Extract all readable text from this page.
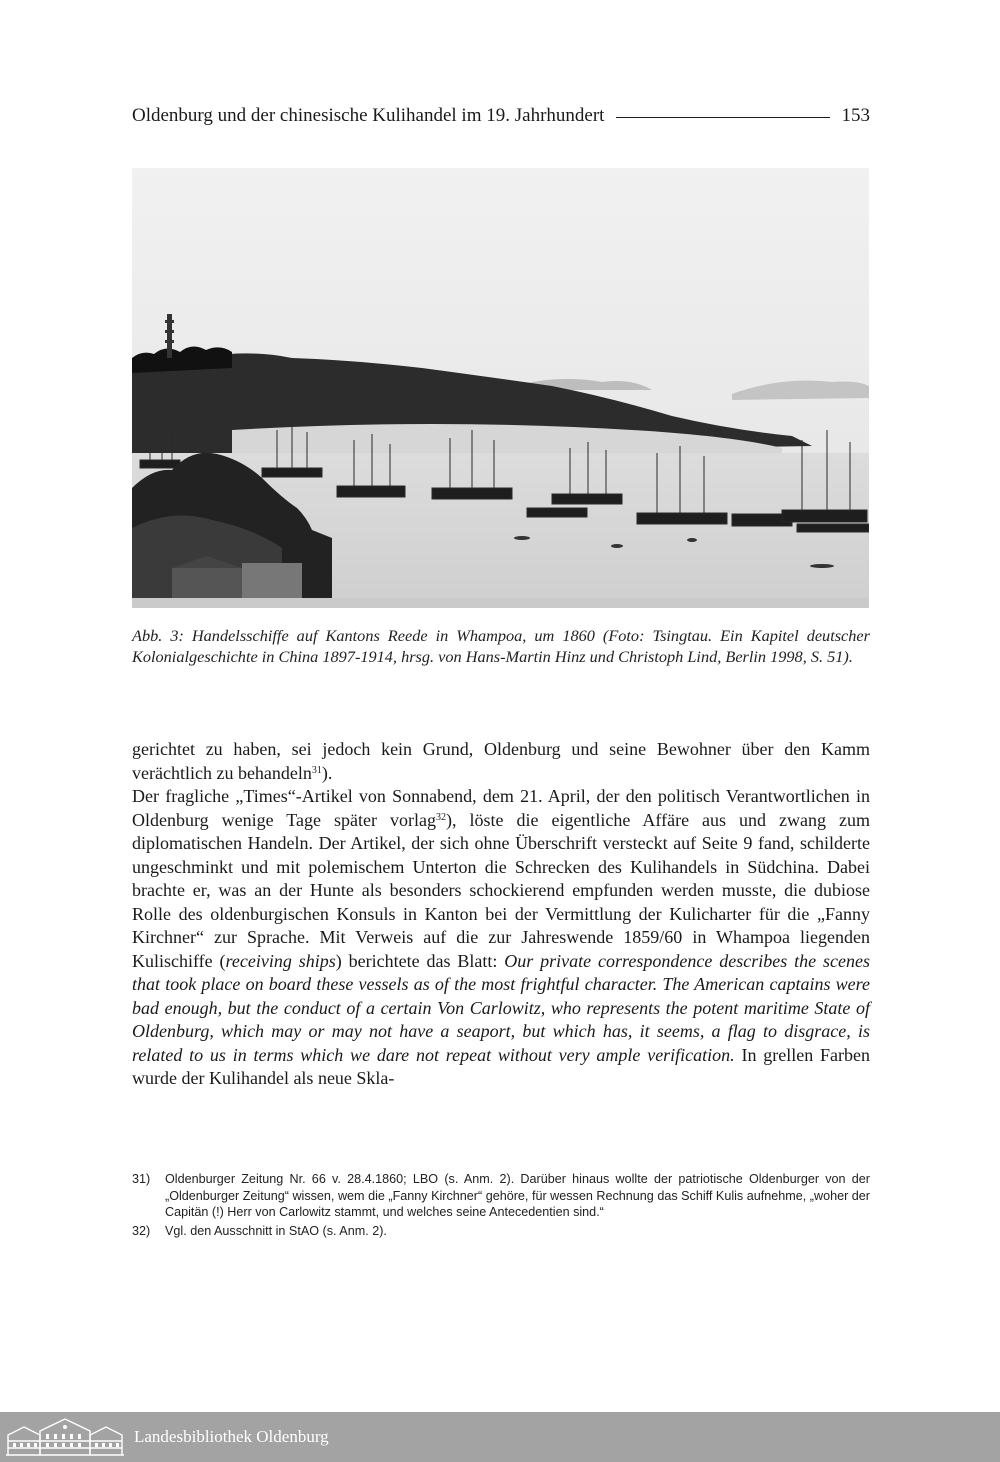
Oldenburg und der chinesische Kulihandel im 19. Jahrhundert	153
Abb. 3: Handelsschiffe auf Kantons Reede in Whampoa, um 1860 (Foto: Tsingtau. Ein Kapitel deutscher Kolonialgeschichte in China 1897-1914, hrsg. von Hans-Martin Hinz und Christoph Lind, Berlin 1998, S. 51).

gerichtet zu haben, sei jedoch kein Grund, Oldenburg und seine Bewohner über den Kamm verächtlich zu behandeln$^{31}$).

Der fragliche „Times“-Artikel von Sonnabend, dem 21. April, der den politisch Verantwortlichen in Oldenburg wenige Tage später vorlag$^{32}$), löste die eigentliche Affäre aus und zwang zum diplomatischen Handeln. Der Artikel, der sich ohne Überschrift versteckt auf Seite 9 fand, schilderte ungeschminkt und mit polemischem Unterton die Schrecken des Kulihandels in Südchina. Dabei brachte er, was an der Hunte als besonders schockierend empfunden werden musste, die dubiose Rolle des oldenburgischen Konsuls in Kanton bei der Vermittlung der Kulicharter für die „Fanny Kirchner“ zur Sprache. Mit Verweis auf die zur Jahreswende 1859/60 in Whampoa liegenden Kulischiffe (receiving ships) berichtete das Blatt: Our private correspondence describes the scenes that took place on board these vessels as of the most frightful character. The American captains were bad enough, but the conduct of a certain Von Carlowitz, who represents the potent maritime State of Oldenburg, which may or may not have a seaport, but which has, it seems, a flag to disgrace, is related to us in terms which we dare not repeat without very ample verification. In grellen Farben wurde der Kulihandel als neue Skla-

31)	Oldenburger Zeitung Nr. 66 v. 28.4.1860; LBO (s. Anm. 2). Darüber hinaus wollte der patriotische Oldenburger von der „Oldenburger Zeitung“ wissen, wem die „Fanny Kirchner“ gehöre, für wessen Rechnung das Schiff Kulis aufnehme, „woher der Capitän (!) Herr von Carlowitz stammt, und welches seine Antecedentien sind.“
32)	Vgl. den Ausschnitt in StAO (s. Anm. 2).
Landesbibliothek Oldenburg
